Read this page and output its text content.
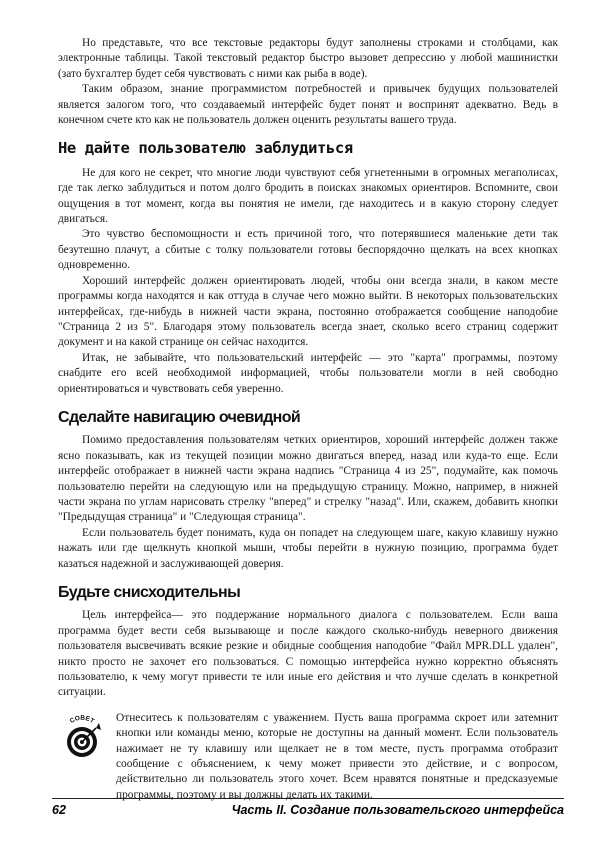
Но представьте, что все текстовые редакторы будут заполнены строками и столбцами, как электронные таблицы. Такой текстовый редактор быстро вызовет депрессию у любой машинистки (зато бухгалтер будет себя чувствовать с ними как рыба в воде).

Таким образом, знание программистом потребностей и привычек будущих пользователей является залогом того, что создаваемый интерфейс будет понят и воспринят адекватно. Ведь в конечном счете кто как не пользователь должен оценить результаты вашего труда.

Не дайте пользователю заблудиться

Не для кого не секрет, что многие люди чувствуют себя угнетенными в огромных мегаполисах, где так легко заблудиться и потом долго бродить в поисках знакомых ориентиров. Вспомните, свои ощущения в тот момент, когда вы понятия не имели, где находитесь и в какую сторону следует двигаться.

Это чувство беспомощности и есть причиной того, что потерявшиеся маленькие дети так безутешно плачут, а сбитые с толку пользователи готовы беспорядочно щелкать на всех кнопках одновременно.

Хороший интерфейс должен ориентировать людей, чтобы они всегда знали, в каком месте программы когда находятся и как оттуда в случае чего можно выйти. В некоторых пользовательских интерфейсах, где-нибудь в нижней части экрана, постоянно отображается сообщение наподобие "Страница 2 из 5". Благодаря этому пользователь всегда знает, сколько всего страниц содержит документ и на какой странице он сейчас находится.

Итак, не забывайте, что пользовательский интерфейс — это "карта" программы, поэтому снабдите его всей необходимой информацией, чтобы пользователи могли в ней свободно ориентироваться и чувствовать себя уверенно.

Сделайте навигацию очевидной

Помимо предоставления пользователям четких ориентиров, хороший интерфейс должен также ясно показывать, как из текущей позиции можно двигаться вперед, назад или куда-то еще. Если интерфейс отображает в нижней части экрана надпись "Страница 4 из 25", подумайте, как помочь пользователю перейти на следующую или на предыдущую страницу. Можно, например, в нижней части экрана по углам нарисовать стрелку "вперед" и стрелку "назад". Или, скажем, добавить кнопки "Предыдущая страница" и "Следующая страница".

Если пользователь будет понимать, куда он попадет на следующем шаге, какую клавишу нужно нажать или где щелкнуть кнопкой мыши, чтобы перейти в нужную позицию, программа будет казаться надежной и заслуживающей доверия.

Будьте снисходительны

Цель интерфейса— это поддержание нормального диалога с пользователем. Если ваша программа будет вести себя вызывающе и после каждого сколько-нибудь неверного движения пользователя высвечивать всякие резкие и обидные сообщения наподобие "Файл MPR.DLL удален", никто просто не захочет его пользоваться. С помощью интерфейса нужно корректно объяснять пользователю, к чему могут привести те или иные его действия и что лучше сделать в конкретной ситуации.

СОВЕТ Отнеситесь к пользователям с уважением. Пусть ваша программа скроет или затемнит кнопки или команды меню, которые не доступны на данный момент. Если пользователь нажимает не ту клавишу или щелкает не в том месте, пусть программа отобразит сообщение с объяснением, к чему может привести это действие, и с вопросом, действительно ли пользователь этого хочет. Всем нравятся понятные и предсказуемые программы, поэтому и вы должны делать их такими.

62	Часть II. Создание пользовательского интерфейса
